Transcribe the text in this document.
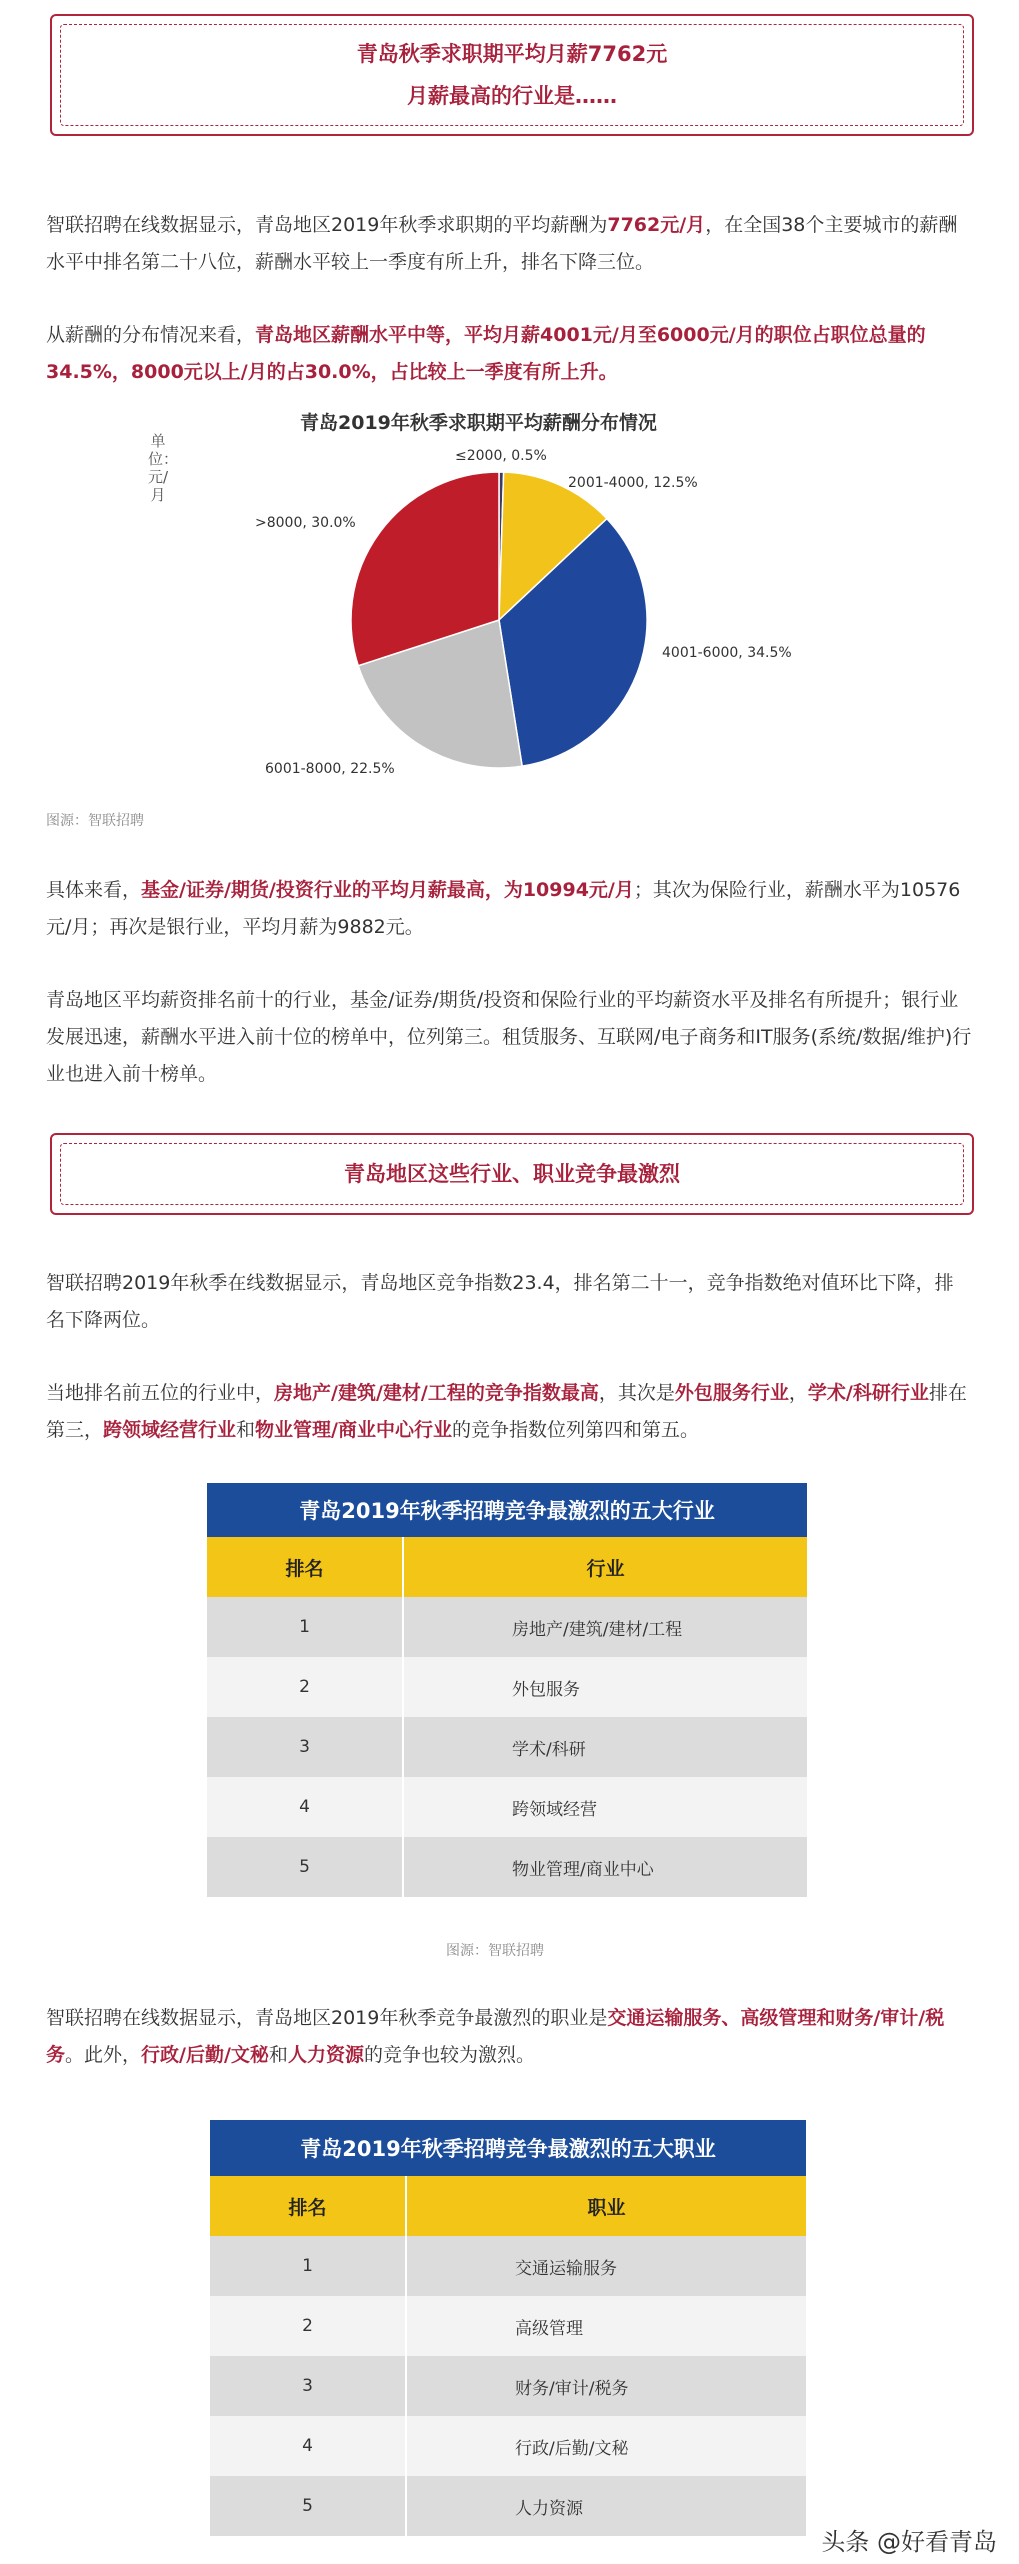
青岛秋季求职期平均月薪7762元
月薪最高的行业是……
智联招聘在线数据显示，青岛地区2019年秋季求职期的平均薪酬为7762元/月，在全国38个主要城市的薪酬水平中排名第二十八位，薪酬水平较上一季度有所上升，排名下降三位。
从薪酬的分布情况来看，青岛地区薪酬水平中等，平均月薪4001元/月至6000元/月的职位占职位总量的34.5%，8000元以上/月的占30.0%，占比较上一季度有所上升。
青岛2019年秋季求职期平均薪酬分布情况
单位：元/月
≤2000, 0.5%
2001-4000, 12.5%
4001-6000, 34.5%
6001-8000, 22.5%
>8000, 30.0%
图源：智联招聘
具体来看，基金/证券/期货/投资行业的平均月薪最高，为10994元/月；其次为保险行业，薪酬水平为10576元/月；再次是银行业，平均月薪为9882元。
青岛地区平均薪资排名前十的行业，基金/证券/期货/投资和保险行业的平均薪资水平及排名有所提升；银行业发展迅速，薪酬水平进入前十位的榜单中，位列第三。租赁服务、互联网/电子商务和IT服务(系统/数据/维护)行业也进入前十榜单。
青岛地区这些行业、职业竞争最激烈
智联招聘2019年秋季在线数据显示，青岛地区竞争指数23.4，排名第二十一，竞争指数绝对值环比下降，排名下降两位。
当地排名前五位的行业中，房地产/建筑/建材/工程的竞争指数最高，其次是外包服务行业，学术/科研行业排在第三，跨领域经营行业和物业管理/商业中心行业的竞争指数位列第四和第五。
青岛2019年秋季招聘竞争最激烈的五大行业	
排名	行业
1	房地产/建筑/建材/工程
2	外包服务
3	学术/科研
4	跨领域经营
5	物业管理/商业中心
图源：智联招聘
智联招聘在线数据显示，青岛地区2019年秋季竞争最激烈的职业是交通运输服务、高级管理和财务/审计/税务。此外，行政/后勤/文秘和人力资源的竞争也较为激烈。
青岛2019年秋季招聘竞争最激烈的五大职业	
排名	职业
1	交通运输服务
2	高级管理
3	财务/审计/税务
4	行政/后勤/文秘
5	人力资源
头条 @好看青岛
